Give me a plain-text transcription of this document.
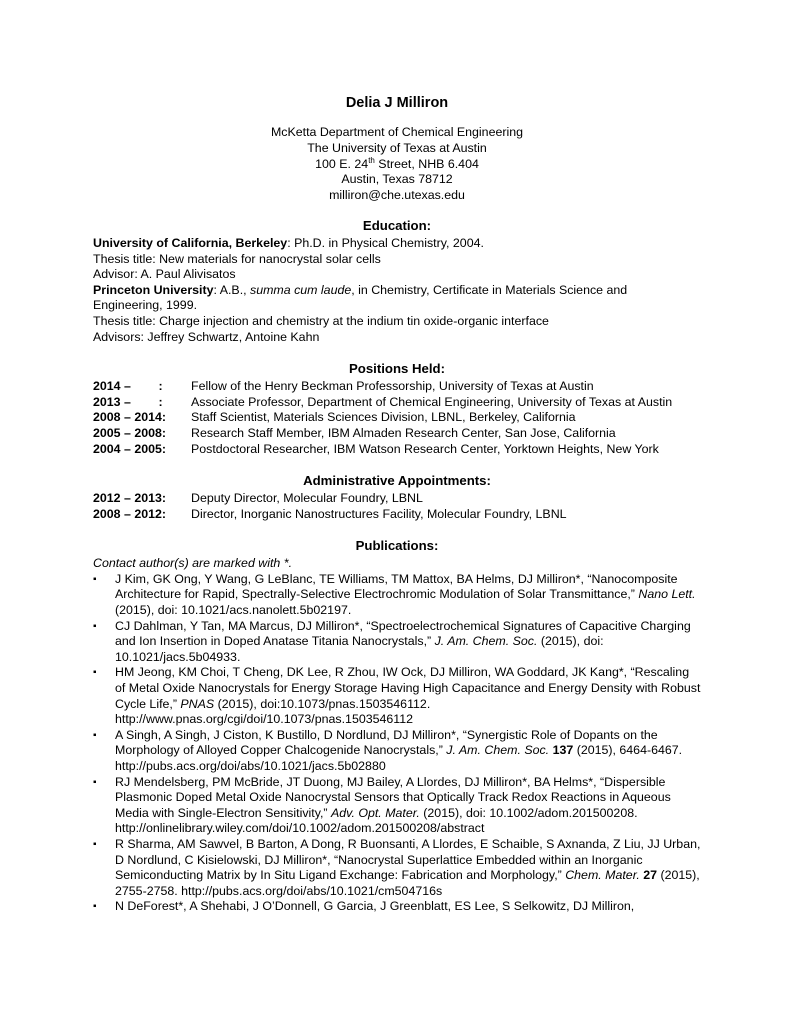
Delia J Milliron
McKetta Department of Chemical Engineering
The University of Texas at Austin
100 E. 24th Street, NHB 6.404
Austin, Texas 78712
milliron@che.utexas.edu
Education:
University of California, Berkeley: Ph.D. in Physical Chemistry, 2004.
Thesis title: New materials for nanocrystal solar cells
Advisor: A. Paul Alivisatos
Princeton University: A.B., summa cum laude, in Chemistry, Certificate in Materials Science and Engineering, 1999.
Thesis title: Charge injection and chemistry at the indium tin oxide-organic interface
Advisors: Jeffrey Schwartz, Antoine Kahn
Positions Held:
2014 –        :	Fellow of the Henry Beckman Professorship, University of Texas at Austin
2013 –        :	Associate Professor, Department of Chemical Engineering, University of Texas at Austin
2008 – 2014:	Staff Scientist, Materials Sciences Division, LBNL, Berkeley, California
2005 – 2008:	Research Staff Member, IBM Almaden Research Center, San Jose, California
2004 – 2005:	Postdoctoral Researcher, IBM Watson Research Center, Yorktown Heights, New York
Administrative Appointments:
2012 – 2013:	Deputy Director, Molecular Foundry, LBNL
2008 – 2012:	Director, Inorganic Nanostructures Facility, Molecular Foundry, LBNL
Publications:
Contact author(s) are marked with *.
▪ J Kim, GK Ong, Y Wang, G LeBlanc, TE Williams, TM Mattox, BA Helms, DJ Milliron*, “Nanocomposite Architecture for Rapid, Spectrally-Selective Electrochromic Modulation of Solar Transmittance,” Nano Lett. (2015), doi: 10.1021/acs.nanolett.5b02197.
▪ CJ Dahlman, Y Tan, MA Marcus, DJ Milliron*, “Spectroelectrochemical Signatures of Capacitive Charging and Ion Insertion in Doped Anatase Titania Nanocrystals,” J. Am. Chem. Soc. (2015), doi: 10.1021/jacs.5b04933.
▪ HM Jeong, KM Choi, T Cheng, DK Lee, R Zhou, IW Ock, DJ Milliron, WA Goddard, JK Kang*, “Rescaling of Metal Oxide Nanocrystals for Energy Storage Having High Capacitance and Energy Density with Robust Cycle Life,” PNAS (2015), doi:10.1073/pnas.1503546112. http://www.pnas.org/cgi/doi/10.1073/pnas.1503546112
▪ A Singh, A Singh, J Ciston, K Bustillo, D Nordlund, DJ Milliron*, “Synergistic Role of Dopants on the Morphology of Alloyed Copper Chalcogenide Nanocrystals,” J. Am. Chem. Soc. 137 (2015), 6464-6467. http://pubs.acs.org/doi/abs/10.1021/jacs.5b02880
▪ RJ Mendelsberg, PM McBride, JT Duong, MJ Bailey, A Llordes, DJ Milliron*, BA Helms*, “Dispersible Plasmonic Doped Metal Oxide Nanocrystal Sensors that Optically Track Redox Reactions in Aqueous Media with Single-Electron Sensitivity,” Adv. Opt. Mater. (2015), doi: 10.1002/adom.201500208. http://onlinelibrary.wiley.com/doi/10.1002/adom.201500208/abstract
▪ R Sharma, AM Sawvel, B Barton, A Dong, R Buonsanti, A Llordes, E Schaible, S Axnanda, Z Liu, JJ Urban, D Nordlund, C Kisielowski, DJ Milliron*, “Nanocrystal Superlattice Embedded within an Inorganic Semiconducting Matrix by In Situ Ligand Exchange: Fabrication and Morphology,” Chem. Mater. 27 (2015), 2755-2758. http://pubs.acs.org/doi/abs/10.1021/cm504716s
▪ N DeForest*, A Shehabi, J O’Donnell, G Garcia, J Greenblatt, ES Lee, S Selkowitz, DJ Milliron,
